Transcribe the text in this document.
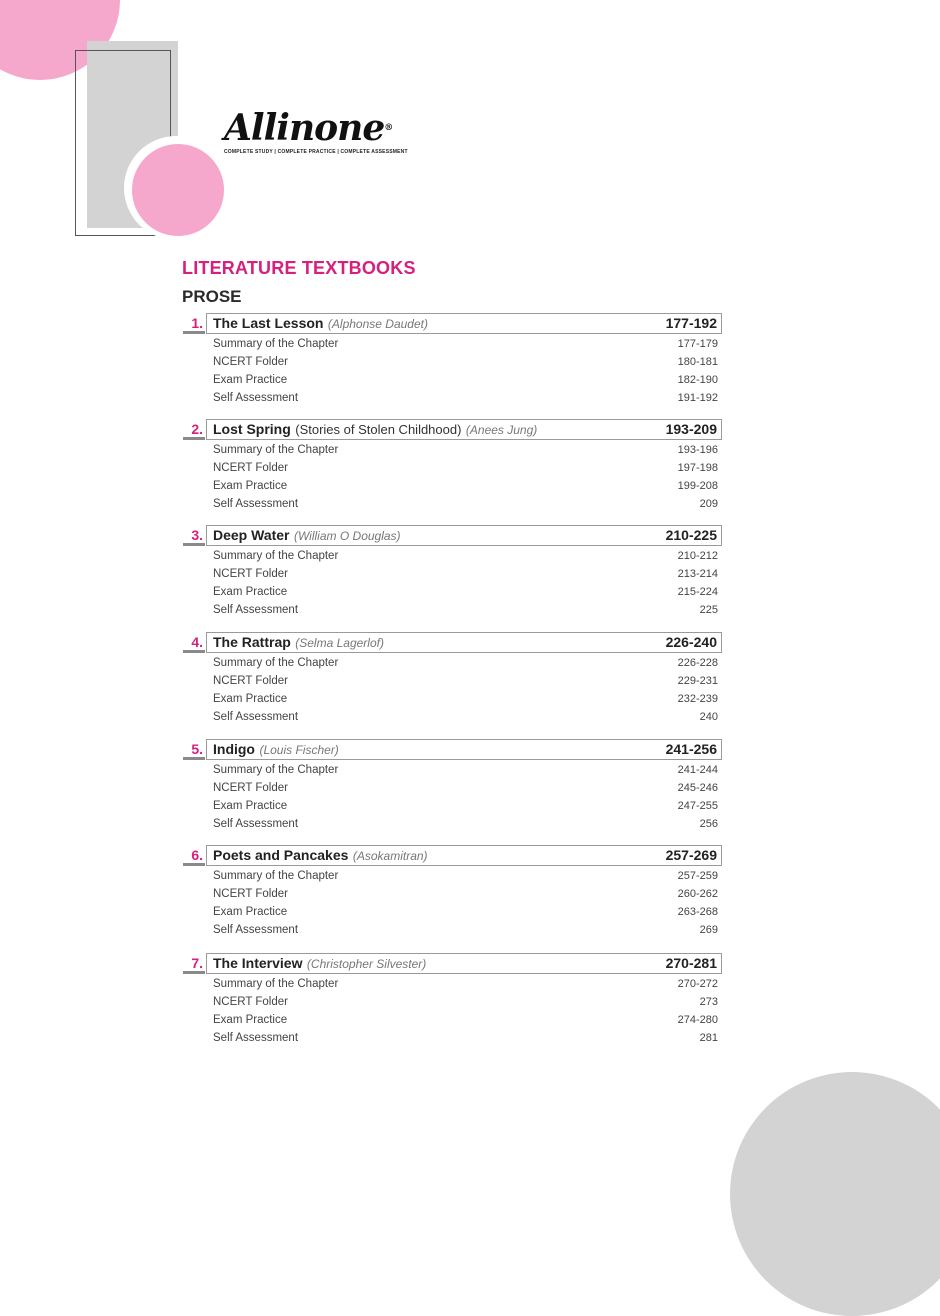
Allinone®
COMPLETE STUDY | COMPLETE PRACTICE | COMPLETE ASSESSMENT
LITERATURE TEXTBOOKS
PROSE
1. The Last Lesson (Alphonse Daudet)	177-192
Summary of the Chapter	177-179
NCERT Folder	180-181
Exam Practice	182-190
Self Assessment	191-192
2. Lost Spring (Stories of Stolen Childhood) (Anees Jung)	193-209
Summary of the Chapter	193-196
NCERT Folder	197-198
Exam Practice	199-208
Self Assessment	209
3. Deep Water (William O Douglas)	210-225
Summary of the Chapter	210-212
NCERT Folder	213-214
Exam Practice	215-224
Self Assessment	225
4. The Rattrap (Selma Lagerlof)	226-240
Summary of the Chapter	226-228
NCERT Folder	229-231
Exam Practice	232-239
Self Assessment	240
5. Indigo (Louis Fischer)	241-256
Summary of the Chapter	241-244
NCERT Folder	245-246
Exam Practice	247-255
Self Assessment	256
6. Poets and Pancakes (Asokamitran)	257-269
Summary of the Chapter	257-259
NCERT Folder	260-262
Exam Practice	263-268
Self Assessment	269
7. The Interview (Christopher Silvester)	270-281
Summary of the Chapter	270-272
NCERT Folder	273
Exam Practice	274-280
Self Assessment	281
